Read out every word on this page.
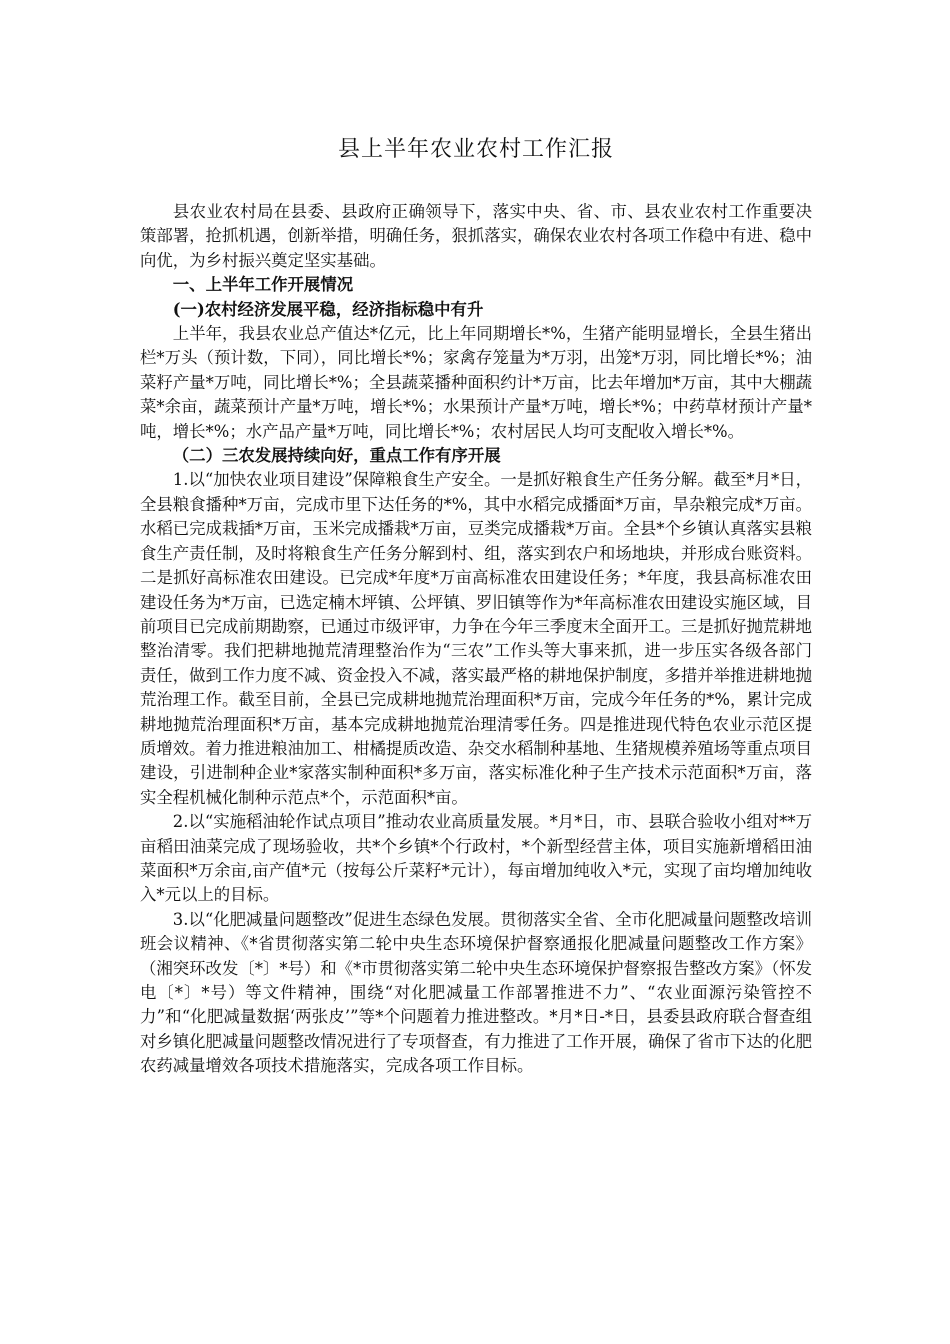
县上半年农业农村工作汇报

县农业农村局在县委、县政府正确领导下，落实中央、省、市、县农业农村工作重要决策部署，抢抓机遇，创新举措，明确任务，狠抓落实，确保农业农村各项工作稳中有进、稳中向优，为乡村振兴奠定坚实基础。

一、上半年工作开展情况

(一)农村经济发展平稳，经济指标稳中有升

上半年，我县农业总产值达*亿元，比上年同期增长*%，生猪产能明显增长，全县生猪出栏*万头（预计数，下同），同比增长*%；家禽存笼量为*万羽，出笼*万羽，同比增长*%；油菜籽产量*万吨，同比增长*%；全县蔬菜播种面积约计*万亩，比去年增加*万亩，其中大棚蔬菜*余亩，蔬菜预计产量*万吨，增长*%；水果预计产量*万吨，增长*%；中药草材预计产量*吨，增长*%；水产品产量*万吨，同比增长*%；农村居民人均可支配收入增长*%。

（二）三农发展持续向好，重点工作有序开展

1.以“加快农业项目建设”保障粮食生产安全。一是抓好粮食生产任务分解。截至*月*日，全县粮食播种*万亩，完成市里下达任务的*%，其中水稻完成播面*万亩，旱杂粮完成*万亩。水稻已完成栽插*万亩，玉米完成播栽*万亩，豆类完成播栽*万亩。全县*个乡镇认真落实县粮食生产责任制，及时将粮食生产任务分解到村、组，落实到农户和场地块，并形成台账资料。二是抓好高标准农田建设。已完成*年度*万亩高标准农田建设任务；*年度，我县高标准农田建设任务为*万亩，已选定楠木坪镇、公坪镇、罗旧镇等作为*年高标准农田建设实施区域，目前项目已完成前期勘察，已通过市级评审，力争在今年三季度末全面开工。三是抓好抛荒耕地整治清零。我们把耕地抛荒清理整治作为“三农”工作头等大事来抓，进一步压实各级各部门责任，做到工作力度不减、资金投入不减，落实最严格的耕地保护制度，多措并举推进耕地抛荒治理工作。截至目前，全县已完成耕地抛荒治理面积*万亩，完成今年任务的*%，累计完成耕地抛荒治理面积*万亩，基本完成耕地抛荒治理清零任务。四是推进现代特色农业示范区提质增效。着力推进粮油加工、柑橘提质改造、杂交水稻制种基地、生猪规模养殖场等重点项目建设，引进制种企业*家落实制种面积*多万亩，落实标准化种子生产技术示范面积*万亩，落实全程机械化制种示范点*个，示范面积*亩。

2.以“实施稻油轮作试点项目”推动农业高质量发展。*月*日，市、县联合验收小组对**万亩稻田油菜完成了现场验收，共*个乡镇*个行政村，*个新型经营主体，项目实施新增稻田油菜面积*万余亩,亩产值*元（按每公斤菜籽*元计），每亩增加纯收入*元，实现了亩均增加纯收入*元以上的目标。

3.以“化肥减量问题整改”促进生态绿色发展。贯彻落实全省、全市化肥减量问题整改培训班会议精神、《*省贯彻落实第二轮中央生态环境保护督察通报化肥减量问题整改工作方案》（湘突环改发〔*〕*号）和《*市贯彻落实第二轮中央生态环境保护督察报告整改方案》（怀发电〔*〕*号）等文件精神，围绕“对化肥减量工作部署推进不力”、“农业面源污染管控不力”和“化肥减量数据‘两张皮’”等*个问题着力推进整改。*月*日-*日，县委县政府联合督查组对乡镇化肥减量问题整改情况进行了专项督查，有力推进了工作开展，确保了省市下达的化肥农药减量增效各项技术措施落实，完成各项工作目标。
